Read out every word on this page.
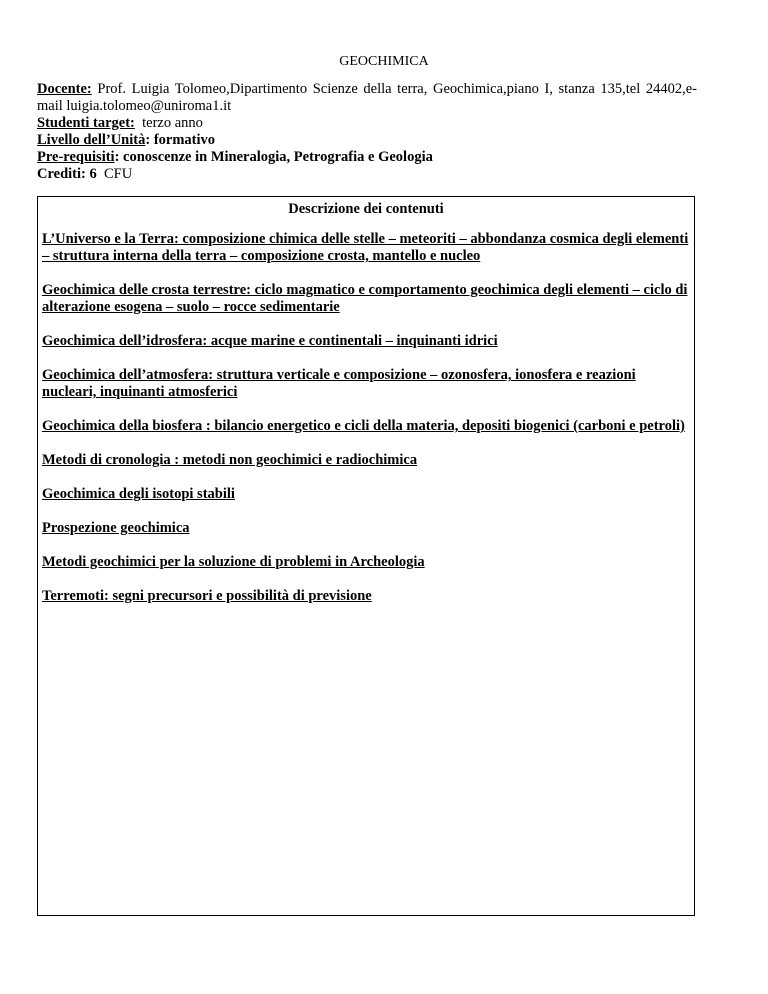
GEOCHIMICA
Docente: Prof. Luigia Tolomeo,Dipartimento Scienze della terra, Geochimica,piano I, stanza 135,tel 24402,e-mail luigia.tolomeo@uniroma1.it
Studenti target: terzo anno
Livello dell’Unità: formativo
Pre-requisiti: conoscenze in Mineralogia, Petrografia e Geologia
Crediti: 6 CFU
Descrizione dei contenuti
L’Universo e la Terra: composizione chimica delle stelle – meteoriti – abbondanza cosmica degli elementi – struttura interna della terra – composizione crosta, mantello e nucleo
Geochimica delle crosta terrestre: ciclo magmatico e comportamento geochimica degli elementi – ciclo di alterazione esogena – suolo – rocce sedimentarie
Geochimica dell’idrosfera: acque marine e continentali – inquinanti idrici
Geochimica dell’atmosfera: struttura verticale e composizione – ozonosfera, ionosfera e reazioni nucleari, inquinanti atmosferici
Geochimica della biosfera : bilancio energetico e cicli della materia, depositi biogenici (carboni e petroli)
Metodi di cronologia : metodi non geochimici e radiochimica
Geochimica degli isotopi stabili
Prospezione geochimica
Metodi geochimici per la soluzione di problemi in Archeologia
Terremoti: segni precursori e possibilità di previsione
